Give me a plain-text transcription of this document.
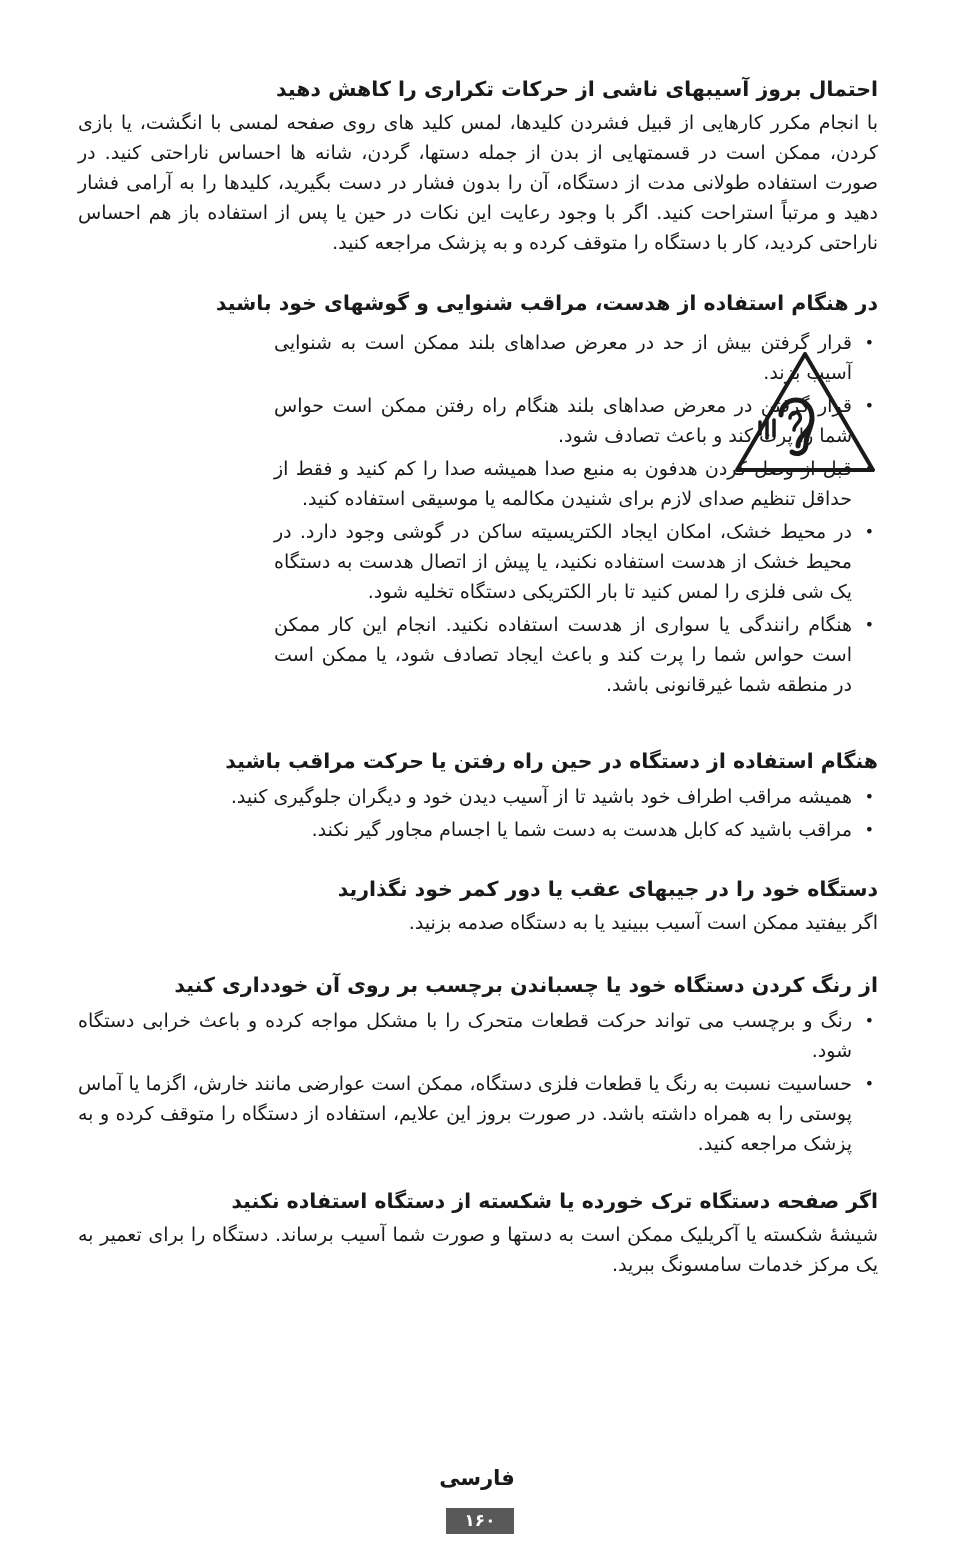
احتمال بروز آسیبهای ناشی از حرکات تکراری را کاهش دهید

با انجام مکرر کارهایی از قبیل فشردن کلیدها، لمس کلید های روی صفحه لمسی با انگشت، یا بازی کردن، ممکن است در قسمتهایی از بدن از جمله دستها، گردن، شانه ها احساس ناراحتی کنید. در صورت استفاده طولانی مدت از دستگاه، آن را بدون فشار در دست بگیرید، کلیدها را به آرامی فشار دهید و مرتباً استراحت کنید. اگر با وجود رعایت این نکات در حین یا پس از استفاده باز هم احساس ناراحتی کردید، کار با دستگاه را متوقف کرده و به پزشک مراجعه کنید.

در هنگام استفاده از هدست، مراقب شنوایی و گوشهای خود باشید
• قرار گرفتن بیش از حد در معرض صداهای بلند ممکن است به شنوایی آسیب بزند.
• قرار گرفتن در معرض صداهای بلند هنگام راه رفتن ممکن است حواس شما را پرت کند و باعث تصادف شود.
• قبل از وصل کردن هدفون به منبع صدا همیشه صدا را کم کنید و فقط از حداقل تنظیم صدای لازم برای شنیدن مکالمه یا موسیقی استفاده کنید.
• در محیط خشک، امکان ایجاد الکتریسیته ساکن در گوشی وجود دارد. در محیط خشک از هدست استفاده نکنید، یا پیش از اتصال هدست به دستگاه یک شی فلزی را لمس کنید تا بار الکتریکی دستگاه تخلیه شود.
• هنگام رانندگی یا سواری از هدست استفاده نکنید. انجام این کار ممکن است حواس شما را پرت کند و باعث ایجاد تصادف شود، یا ممکن است در منطقه شما غیرقانونی باشد.
هنگام استفاده از دستگاه در حین راه رفتن یا حرکت مراقب باشید
• همیشه مراقب اطراف خود باشید تا از آسیب دیدن خود و دیگران جلوگیری کنید.
• مراقب باشید که کابل هدست به دست شما یا اجسام مجاور گیر نکند.
دستگاه خود را در جیبهای عقب یا دور کمر خود نگذارید

اگر بیفتید ممکن است آسیب ببینید یا به دستگاه صدمه بزنید.

از رنگ کردن دستگاه خود یا چسباندن برچسب بر روی آن خودداری کنید
• رنگ و برچسب می تواند حرکت قطعات متحرک را با مشکل مواجه کرده و باعث خرابی دستگاه شود.
• حساسیت نسبت به رنگ یا قطعات فلزی دستگاه، ممکن است عوارضی مانند خارش، اگزما یا آماس پوستی را به همراه داشته باشد. در صورت بروز این علایم، استفاده از دستگاه را متوقف کرده و به پزشک مراجعه کنید.
اگر صفحه دستگاه ترک خورده یا شکسته از دستگاه استفاده نکنید

شیشهٔ شکسته یا آکریلیک ممکن است به دستها و صورت شما آسیب برساند. دستگاه را برای تعمیر به یک مرکز خدمات سامسونگ ببرید.

فارسی
۱۶۰
